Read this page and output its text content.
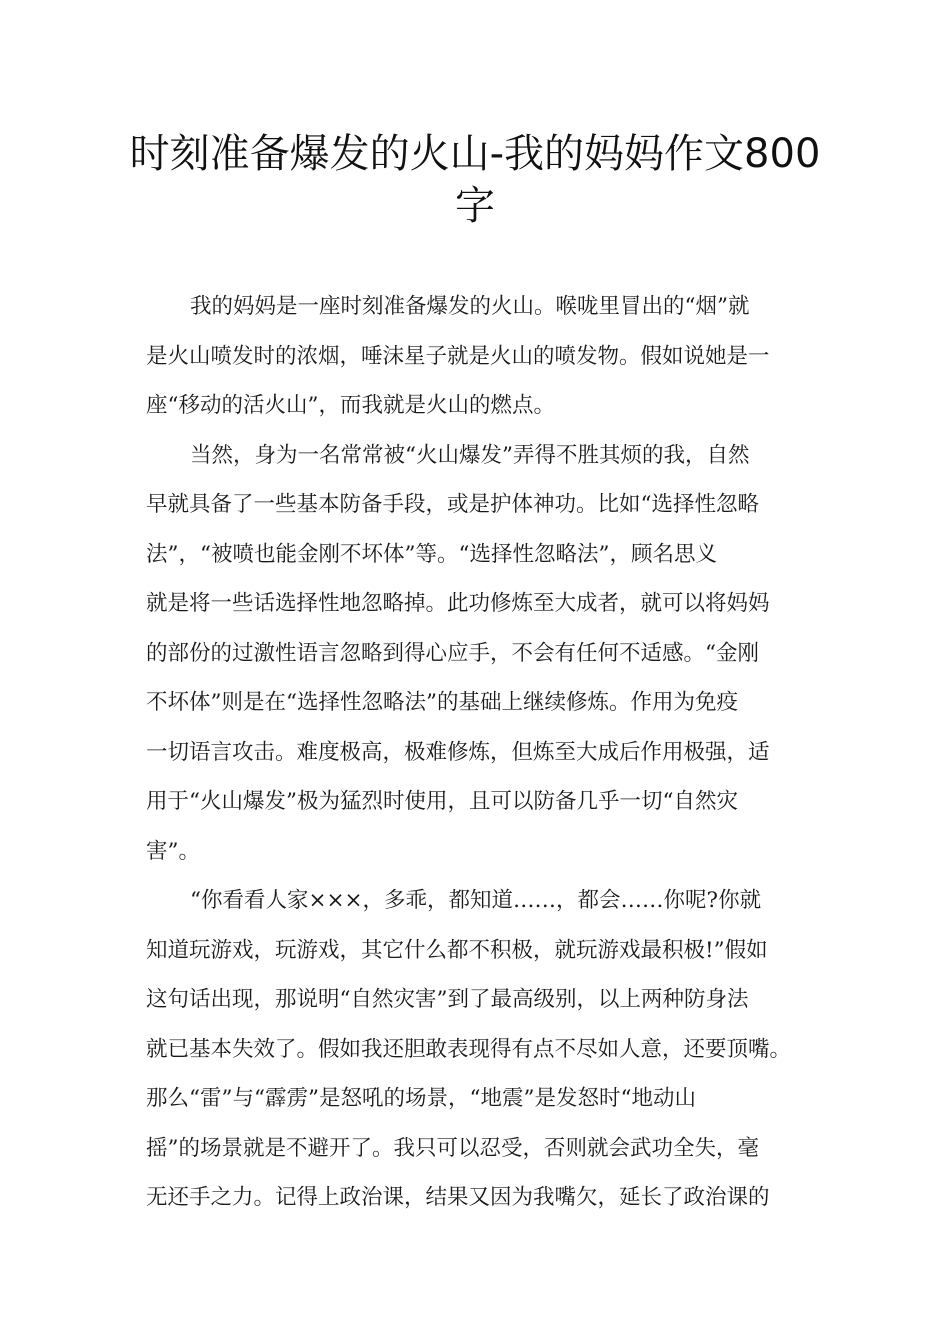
时刻准备爆发的火山-我的妈妈作文800
字
我的妈妈是一座时刻准备爆发的火山。喉咙里冒出的“烟”就
是火山喷发时的浓烟，唾沫星子就是火山的喷发物。假如说她是一
座“移动的活火山”，而我就是火山的燃点。
当然，身为一名常常被“火山爆发”弄得不胜其烦的我，自然
早就具备了一些基本防备手段，或是护体神功。比如“选择性忽略
法”，“被喷也能金刚不坏体”等。“选择性忽略法”，顾名思义
就是将一些话选择性地忽略掉。此功修炼至大成者，就可以将妈妈
的部份的过激性语言忽略到得心应手，不会有任何不适感。“金刚
不坏体”则是在“选择性忽略法”的基础上继续修炼。作用为免疫
一切语言攻击。难度极高，极难修炼，但炼至大成后作用极强，适
用于“火山爆发”极为猛烈时使用，且可以防备几乎一切“自然灾
害”。
“你看看人家×××，多乖，都知道……，都会……你呢?你就
知道玩游戏，玩游戏，其它什么都不积极，就玩游戏最积极!”假如
这句话出现，那说明“自然灾害”到了最高级别，以上两种防身法
就已基本失效了。假如我还胆敢表现得有点不尽如人意，还要顶嘴。
那么“雷”与“霹雳”是怒吼的场景，“地震”是发怒时“地动山
摇”的场景就是不避开了。我只可以忍受，否则就会武功全失，毫
无还手之力。记得上政治课，结果又因为我嘴欠，延长了政治课的
